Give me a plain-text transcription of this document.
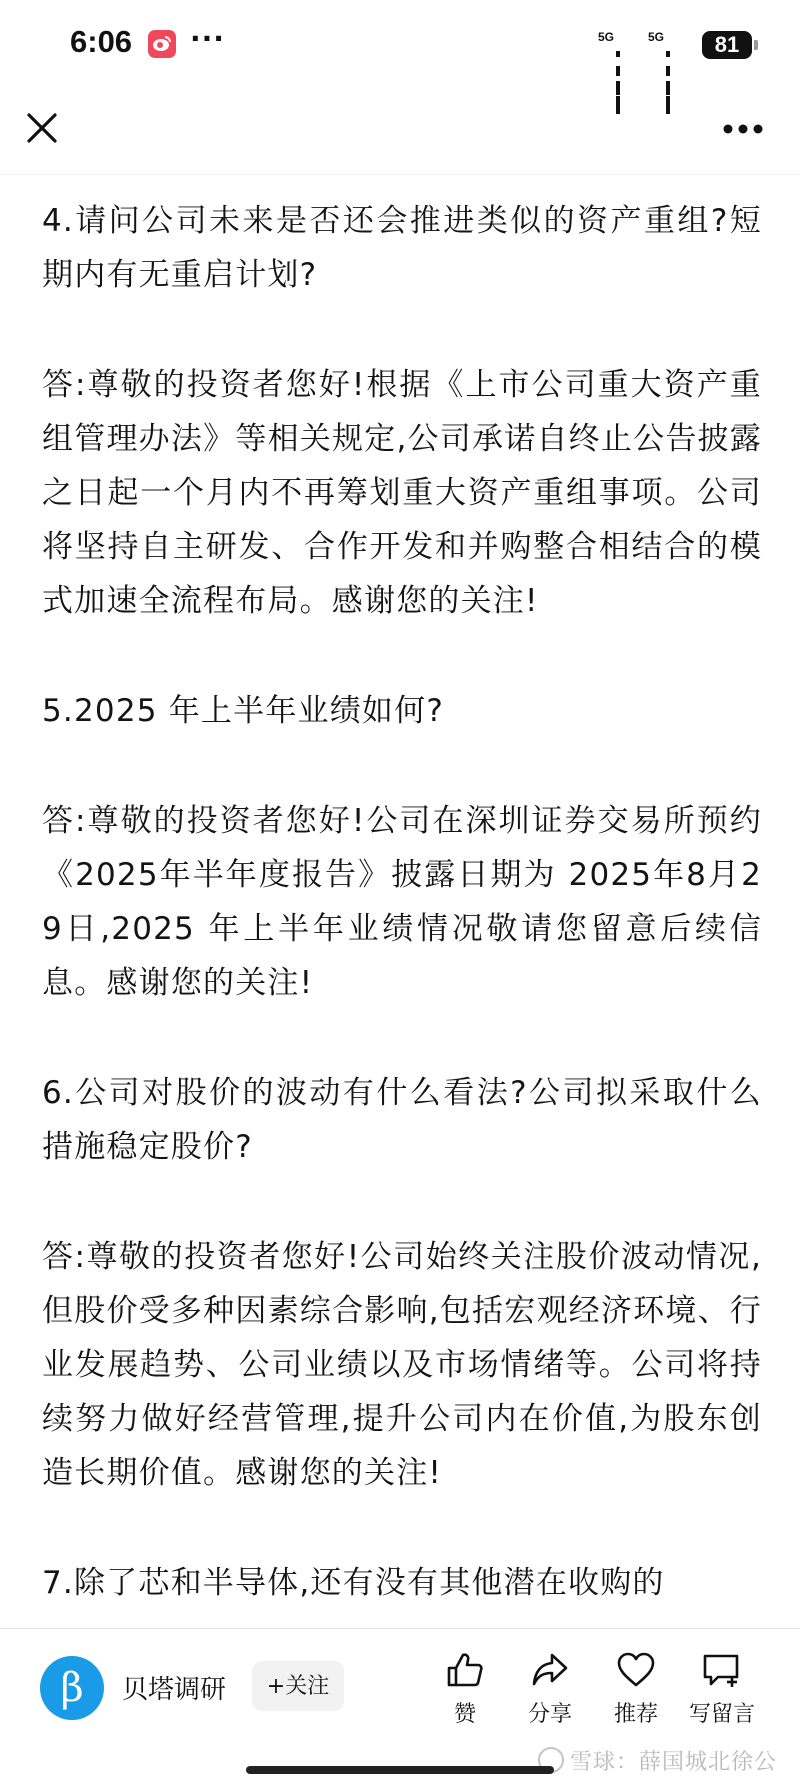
6:06 ···	5G	5G	81

4.请问公司未来是否还会推进类似的资产重组?短期内有无重启计划?

答:尊敬的投资者您好!根据《上市公司重大资产重组管理办法》等相关规定,公司承诺自终止公告披露之日起一个月内不再筹划重大资产重组事项。公司将坚持自主研发、合作开发和并购整合相结合的模式加速全流程布局。感谢您的关注!

5.2025 年上半年业绩如何?

答:尊敬的投资者您好!公司在深圳证券交易所预约《2025年半年度报告》披露日期为 2025年8月29日,2025 年上半年业绩情况敬请您留意后续信息。感谢您的关注!

6.公司对股价的波动有什么看法?公司拟采取什么措施稳定股价?

答:尊敬的投资者您好!公司始终关注股价波动情况,但股价受多种因素综合影响,包括宏观经济环境、行业发展趋势、公司业绩以及市场情绪等。公司将持续努力做好经营管理,提升公司内在价值,为股东创造长期价值。感谢您的关注!

7.除了芯和半导体,还有没有其他潜在收购的

β	贝塔调研	+关注
赞	分享	推荐	写留言
雪球：薛国城北徐公
